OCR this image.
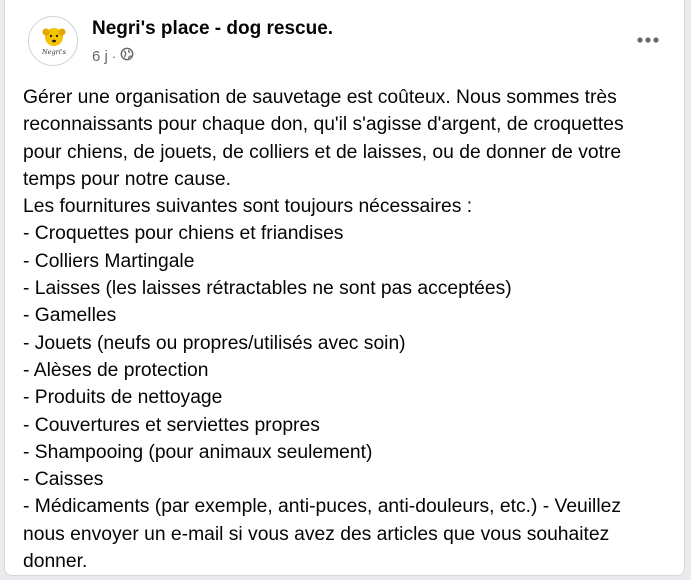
Negri's
Negri's place - dog rescue.
6 j ·

Gérer une organisation de sauvetage est coûteux. Nous sommes très

reconnaissants pour chaque don, qu'il s'agisse d'argent, de croquettes

pour chiens, de jouets, de colliers et de laisses, ou de donner de votre

temps pour notre cause.

Les fournitures suivantes sont toujours nécessaires :

- Croquettes pour chiens et friandises

- Colliers Martingale

- Laisses (les laisses rétractables ne sont pas acceptées)

- Gamelles

- Jouets (neufs ou propres/utilisés avec soin)

- Alèses de protection

- Produits de nettoyage

- Couvertures et serviettes propres

- Shampooing (pour animaux seulement)

- Caisses

- Médicaments (par exemple, anti-puces, anti-douleurs, etc.) - Veuillez

nous envoyer un e-mail si vous avez des articles que vous souhaitez

donner.
